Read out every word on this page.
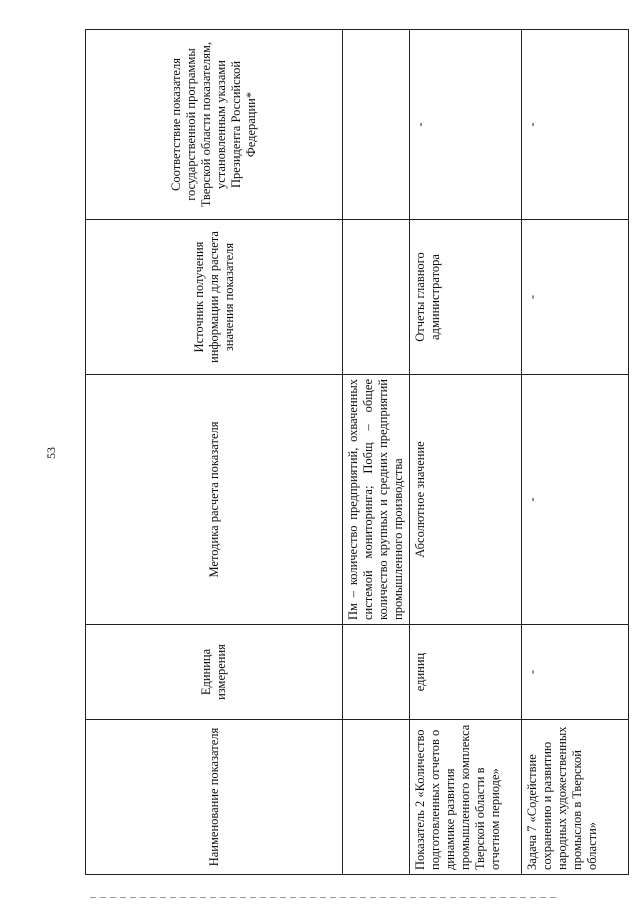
53
Наименование показателя	Единица измерения	Методика расчета показателя	Источник получения информации для расчета значения показателя	Соответствие показателя государственной программы Тверской области показателям, установленным указами Президента Российской Федерации*
		Пм – количество предприятий, охваченных системой мониторинга; Побщ – общее количество крупных и средних предприятий промышленного производства		
Показатель 2 «Количество подготовленных отчетов о динамике развития промышленного комплекса Тверской области в отчетном периоде»	единиц	Абсолютное значение	Отчеты главного администратора	-
Задача 7 «Содействие сохранению и развитию народных художественных промыслов в Тверской области»	-	-	-	-
